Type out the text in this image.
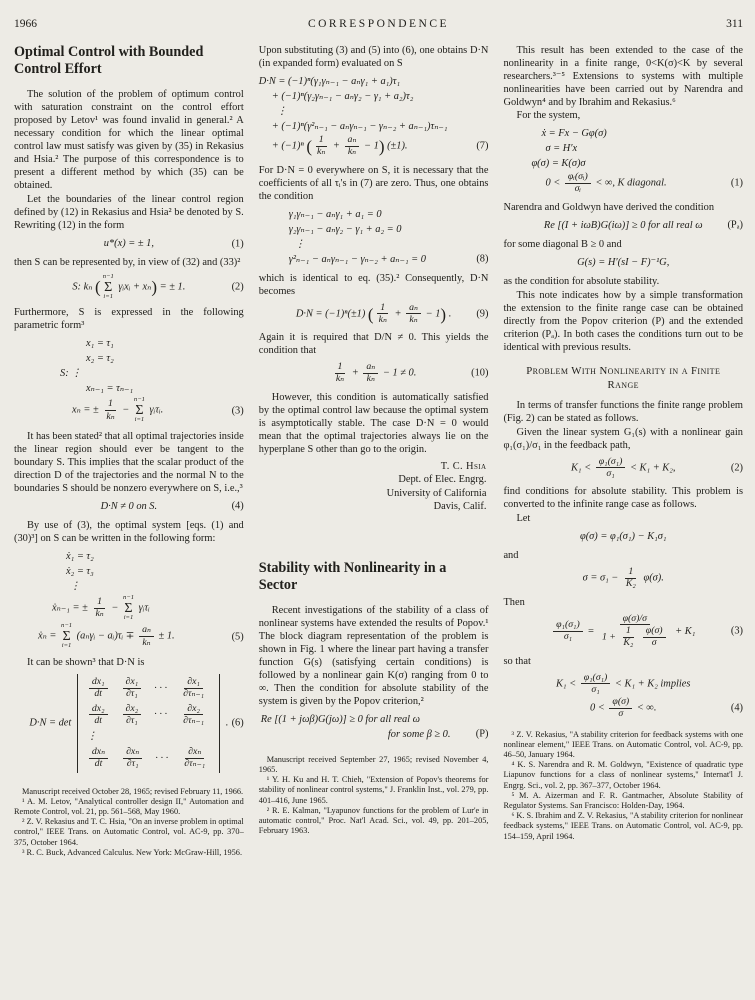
1966	CORRESPONDENCE	311
Optimal Control with Bounded Control Effort

The solution of the problem of optimum control with saturation constraint on the control effort proposed by Letov¹ was found invalid in general.² A necessary condition for which the linear optimal control law must satisfy was given by (35) in Rekasius and Hsia.² The purpose of this correspondence is to present a different method by which (35) can be obtained.

Let the boundaries of the linear control region defined by (12) in Rekasius and Hsia² be denoted by S. Rewriting (12) in the form

u*(x) = ± 1,	(1)

then S can be represented by, in view of (32) and (33)²

S: kₙ (
n−1
Σ
i=1
γᵢxᵢ + xₙ) = ± 1.	(2)

Furthermore, S is expressed in the following parametric form³

x₁ = τ₁
x₂ = τ₂
S: ⋮
xₙ₋₁ = τₙ₋₁
xₙ = ± $\frac{1}{\text{kₙ}}$ −
n−1
Σ
i=1
γᵢτᵢ.	(3)

It has been stated² that all optimal trajectories inside the linear region should ever be tangent to the boundary S. This implies that the scalar product of the direction D of the trajectories and the normal N to the boundaries S should be nonzero everywhere on S, i.e.,³

D·N ≠ 0 on S.	(4)

By use of (3), the optimal system [eqs. (1) and (30)³] on S can be written in the following form:

ẋ₁ = τ₂
ẋ₂ = τ₃
⋮
ẋₙ₋₁ = ± $\frac{1}{\text{kₙ}}$ −
n−1
Σ
i=1
γᵢτᵢ
ẋₙ =
n−1
Σ
i=1
(aₙγᵢ − aᵢ)τᵢ ∓ $\frac{\text{aₙ}}{\text{kₙ}} \pm 1$.	(5)

It can be shown³ that D·N is

D·N = det
$\frac{\text{dx₁}}{dt} \frac{\text{∂x₁}}{\text{∂τ₁}}$ · · · $\frac{\text{∂x₁}}{\text{∂τₙ₋₁}}$
$\frac{\text{dx₂}}{dt} \frac{\text{∂x₂}}{\text{∂τ₁}}$ · · · $\frac{\text{∂x₂}}{\text{∂τₙ₋₁}}$
⋮
$\frac{\text{dxₙ}}{dt} \frac{\text{∂xₙ}}{\text{∂τ₁}}$ · · · $\frac{\text{∂xₙ}}{\text{∂τₙ₋₁}}$
. (6)

Manuscript received October 28, 1965; revised February 11, 1966.

¹ A. M. Letov, "Analytical controller design II," Automation and Remote Control, vol. 21, pp. 561–568, May 1960.

² Z. V. Rekasius and T. C. Hsia, "On an inverse problem in optimal control," IEEE Trans. on Automatic Control, vol. AC-9, pp. 370–375, October 1964.

³ R. C. Buck, Advanced Calculus. New York: McGraw-Hill, 1956.

Upon substituting (3) and (5) into (6), one obtains D·N (in expanded form) evaluated on S

D·N = (−1)ⁿ(γ₁γₙ₋₁ − aₙγ₁ + a₁)τ₁
+ (−1)ⁿ(γ₂γₙ₋₁ − aₙγ₂ − γ₁ + a₂)τ₂
⋮
+ (−1)ⁿ(γ²ₙ₋₁ − aₙγₙ₋₁ − γₙ₋₂ + aₙ₋₁)τₙ₋₁
+ (−1)ⁿ ( $\frac{1}{\text{kₙ}} + \frac{\text{aₙ}}{\text{kₙ}} - 1$) (±1).	(7)

For D·N = 0 everywhere on S, it is necessary that the coefficients of all τᵢ's in (7) are zero. Thus, one obtains the condition

γ₁γₙ₋₁ − aₙγ₁ + a₁ = 0
γ₂γₙ₋₁ − aₙγ₂ − γ₁ + a₂ = 0
⋮
γ²ₙ₋₁ − aₙγₙ₋₁ − γₙ₋₂ + aₙ₋₁ = 0	(8)

which is identical to eq. (35).² Consequently, D·N becomes

D·N = (−1)ⁿ(±1) ( $\frac{1}{\text{kₙ}} + \frac{\text{aₙ}}{\text{kₙ}} - 1$) .	(9)

Again it is required that D/N ≠ 0. This yields the condition that

$\frac{1}{\text{kₙ}} + \frac{\text{aₙ}}{\text{kₙ}} - 1 \ne 0$.	(10)

However, this condition is automatically satisfied by the optimal control law because the optimal system is asymptotically stable. The case D·N = 0 would mean that the optimal trajectories always lie on the hyperplane S other than go to the origin.

T. C. Hsia
Dept. of Elec. Engrg.
University of California
Davis, Calif.
Stability with Nonlinearity in a Sector

Recent investigations of the stability of a class of nonlinear systems have extended the results of Popov.¹ The block diagram representation of the problem is shown in Fig. 1 where the linear part having a transfer function G(s) (satisfying certain conditions) is followed by a nonlinear gain K(σ) ranging from 0 to ∞. Then the condition for absolute stability of the system is given by the Popov criterion,²

Re [(1 + jωβ)G(jω)] ≥ 0 for all real ω
for some β ≥ 0.	(P)

Manuscript received September 27, 1965; revised November 4, 1965.

¹ Y. H. Ku and H. T. Chieh, "Extension of Popov's theorems for stability of nonlinear control systems," J. Franklin Inst., vol. 279, pp. 401–416, June 1965.

² R. E. Kalman, "Lyapunov functions for the problem of Lur'e in automatic control," Proc. Nat'l Acad. Sci., vol. 49, pp. 201–205, February 1963.

This result has been extended to the case of the nonlinearity in a finite range, 0<K(σ)<K by several researchers.³⁻⁵ Extensions to systems with multiple nonlinearities have been carried out by Narendra and Goldwyn⁴ and by Ibrahim and Rekasius.⁶

For the system,

ẋ = Fx − Gφ(σ)
σ = H′x
φ(σ) = K(σ)σ
$0 < \frac{\text{φᵢ(σᵢ)}}{\text{σᵢ}}$ < ∞, K diagonal.	(1)

Narendra and Goldwyn have derived the condition

Re [(I + iωB)G(iω)] ≥ 0 for all real ω	(Pₐ)

for some diagonal B ≥ 0 and

G(s) = H′(sI − F)⁻¹G,

as the condition for absolute stability.

This note indicates how by a simple transformation the extension to the finite range case can be obtained directly from the Popov criterion (P) and the extended criterion (Pₐ). In both cases the conditions turn out to be identical with previous results.

Problem With Nonlinearity in a Finite Range

In terms of transfer functions the finite range problem (Fig. 2) can be stated as follows.

Given the linear system G₁(s) with a nonlinear gain φ₁(σ₁)/σ₁ in the feedback path,

$K_1 < \frac{\text{φ₁(σ₁)}}{\text{σ₁}} < K_1 + K_2$,	(2)

find conditions for absolute stability. This problem is converted to the infinite range case as follows.

Let

φ(σ) = φ₁(σ₁) − K₁σ₁

and

$\sigma = \sigma_1 - \frac{1}{\text{K₂}} \varphi(\sigma)$.

Then

$\frac{\text{φ₁(σ₁)}}{\text{σ₁}} = \varphi(\sigma)/\sigma$
$1 + \frac{1}{\text{K₂}}$
$\frac{\varphi(\sigma)}{\sigma} + K_1$	(3)

so that

$K_1 < \frac{\text{φ₁(σ₁)}}{\text{σ₁}} < K_1 + K_2$ implies
$0 < \frac{\varphi(\sigma)}{\sigma}$ < ∞.	(4)

³ Z. V. Rekasius, "A stability criterion for feedback systems with one nonlinear element," IEEE Trans. on Automatic Control, vol. AC-9, pp. 46–50, January 1964.

⁴ K. S. Narendra and R. M. Goldwyn, "Existence of quadratic type Liapunov functions for a class of nonlinear systems," Internat'l J. Engrg. Sci., vol. 2, pp. 367–377, October 1964.

⁵ M. A. Aizerman and F. R. Gantmacher, Absolute Stability of Regulator Systems. San Francisco: Holden-Day, 1964.

⁶ K. S. Ibrahim and Z. V. Rekasius, "A stability criterion for nonlinear feedback systems," IEEE Trans. on Automatic Control, vol. AC-9, pp. 154–159, April 1964.
